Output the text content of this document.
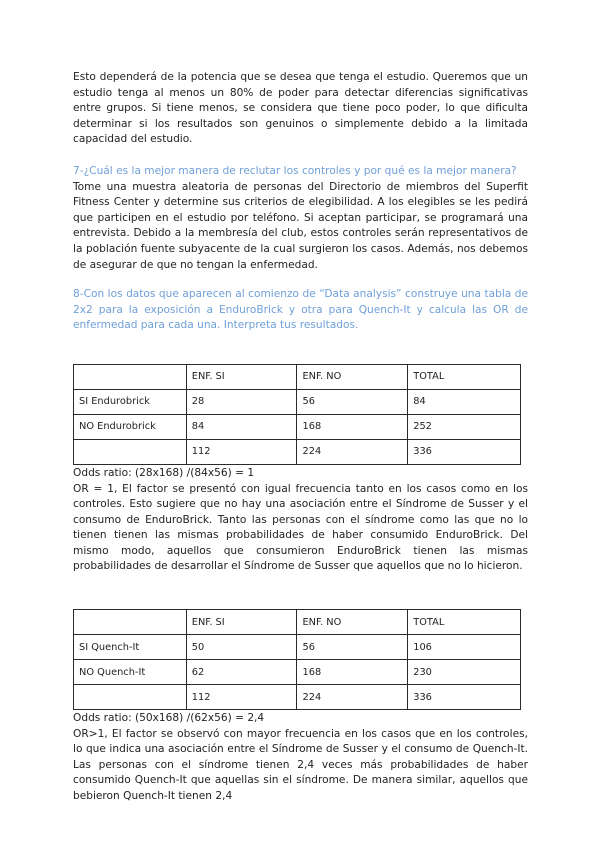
Esto dependerá de la potencia que se desea que tenga el estudio. Queremos que un estudio tenga al menos un 80% de poder para detectar diferencias significativas entre grupos. Si tiene menos, se considera que tiene poco poder, lo que dificulta determinar si los resultados son genuinos o simplemente debido a la limitada capacidad del estudio.

7-¿Cuál es la mejor manera de reclutar los controles y por qué es la mejor manera?

Tome una muestra aleatoria de personas del Directorio de miembros del Superfit Fitness Center y determine sus criterios de elegibilidad. A los elegibles se les pedirá que participen en el estudio por teléfono. Si aceptan participar, se programará una entrevista. Debido a la membresía del club, estos controles serán representativos de la población fuente subyacente de la cual surgieron los casos. Además, nos debemos de asegurar de que no tengan la enfermedad.

8-Con los datos que aparecen al comienzo de “Data analysis” construye una tabla de 2x2 para la exposición a EnduroBrick y otra para Quench-It y calcula las OR de enfermedad para cada una. Interpreta tus resultados.

	ENF. SI	ENF. NO	TOTAL
SI Endurobrick	28	56	84
NO Endurobrick	84	168	252
	112	224	336

Odds ratio: (28x168) /(84x56) = 1

OR = 1, El factor se presentó con igual frecuencia tanto en los casos como en los controles. Esto sugiere que no hay una asociación entre el Síndrome de Susser y el consumo de EnduroBrick. Tanto las personas con el síndrome como las que no lo tienen tienen las mismas probabilidades de haber consumido EnduroBrick. Del mismo modo, aquellos que consumieron EnduroBrick tienen las mismas probabilidades de desarrollar el Síndrome de Susser que aquellos que no lo hicieron.

	ENF. SI	ENF. NO	TOTAL
SI Quench-It	50	56	106
NO Quench-It	62	168	230
	112	224	336

Odds ratio: (50x168) /(62x56) = 2,4

OR>1, El factor se observó con mayor frecuencia en los casos que en los controles, lo que indica una asociación entre el Síndrome de Susser y el consumo de Quench-It. Las personas con el síndrome tienen 2,4 veces más probabilidades de haber consumido Quench-It que aquellas sin el síndrome. De manera similar, aquellos que bebieron Quench-It tienen 2,4
